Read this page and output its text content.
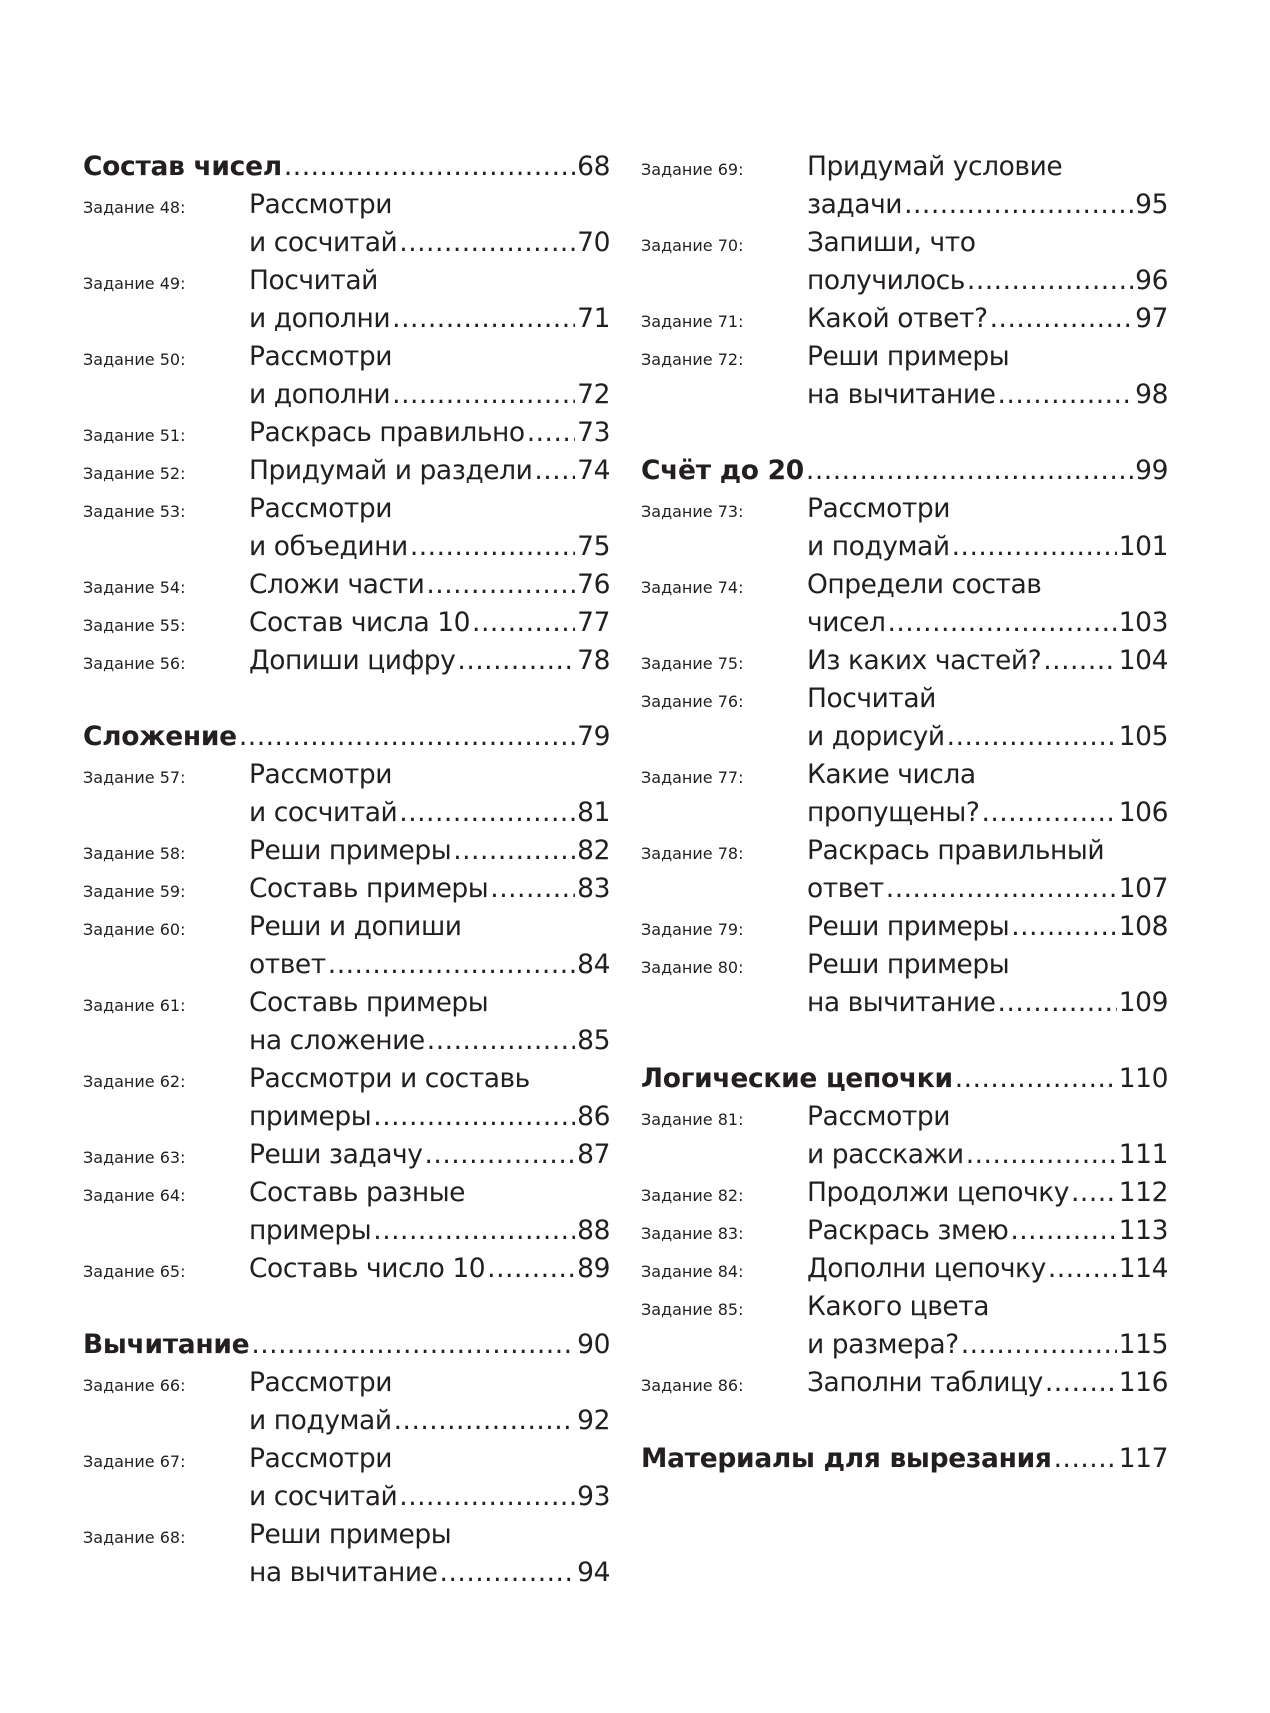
Состав чисел .....	68
Задание 48:	Рассмотри
и сосчитай .....	70
Задание 49:	Посчитай
и дополни .....	71
Задание 50:	Рассмотри
и дополни .....	72
Задание 51:	Раскрась правильно ..... 73
Задание 52:	Придумай и раздели ..... 74
Задание 53:	Рассмотри
и объедини .....	75
Задание 54:	Сложи части .....	76
Задание 55:	Состав числа 10 .....	77
Задание 56:	Допиши цифру .....	78
Сложение .....	79
Задание 57:	Рассмотри
и сосчитай .....	81
Задание 58:	Реши примеры .....	82
Задание 59:	Составь примеры .....	83
Задание 60:	Реши и допиши
ответ .....	84
Задание 61:	Составь примеры
на сложение .....	85
Задание 62:	Рассмотри и составь
примеры .....	86
Задание 63:	Реши задачу .....	87
Задание 64:	Составь разные
примеры .....	88
Задание 65:	Составь число 10 .....	89
Вычитание .....	90
Задание 66:	Рассмотри
и подумай .....	92
Задание 67:	Рассмотри
и сосчитай .....	93
Задание 68:	Реши примеры
на вычитание .....	94
Задание 69:	Придумай условие
задачи .....	95
Задание 70:	Запиши, что
получилось .....	96
Задание 71:	Какой ответ? .....	97
Задание 72:	Реши примеры
на вычитание .....	98
Счёт до 20 .....	99
Задание 73:	Рассмотри
и подумай .....	101
Задание 74:	Определи состав
чисел .....	103
Задание 75:	Из каких частей? .....	104
Задание 76:	Посчитай
и дорисуй .....	105
Задание 77:	Какие числа
пропущены? .....	106
Задание 78:	Раскрась правильный
ответ .....	107
Задание 79:	Реши примеры .....	108
Задание 80:	Реши примеры
на вычитание .....	109
Логические цепочки .....	110
Задание 81:	Рассмотри
и расскажи .....	111
Задание 82:	Продолжи цепочку ..... 112
Задание 83:	Раскрась змею .....	113
Задание 84:	Дополни цепочку .....	114
Задание 85:	Какого цвета
и размера? .....	115
Задание 86:	Заполни таблицу .....	116
Материалы для вырезания .....	117
